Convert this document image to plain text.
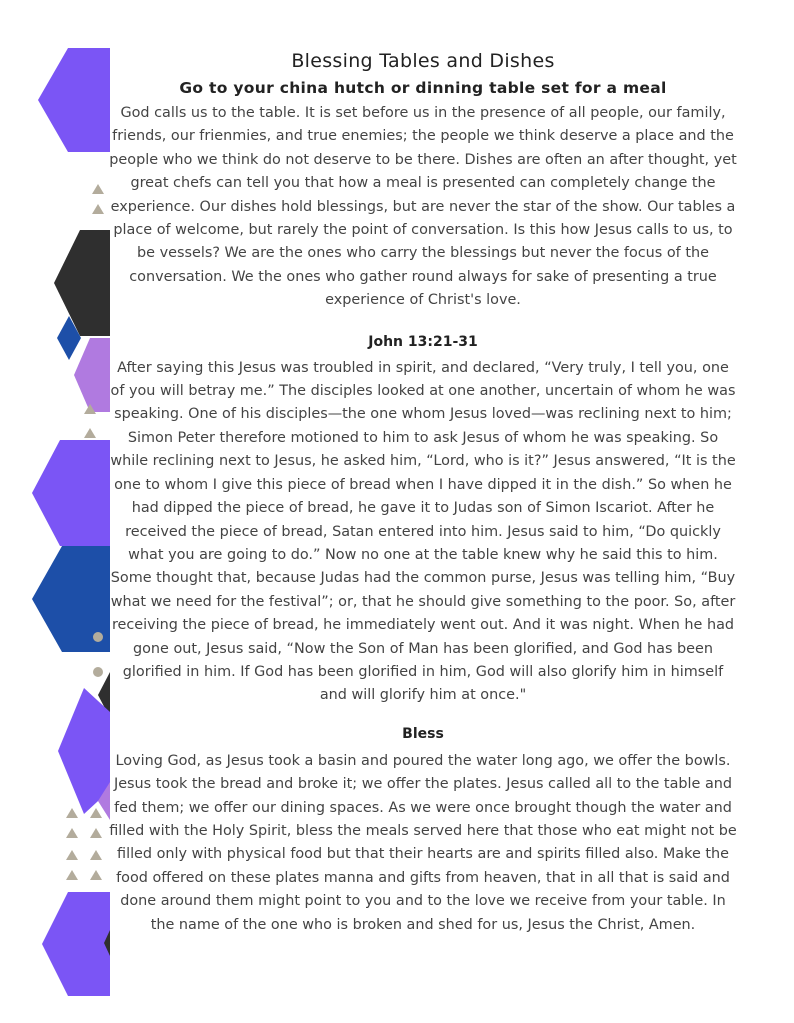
Blessing Tables and Dishes
Go to your china hutch or dinning table set for a meal

God calls us to the table. It is set before us in the presence of all people, our family, friends, our frienmies, and true enemies; the people we think deserve a place and the people who we think do not deserve to be there. Dishes are often an after thought, yet great chefs can tell you that how a meal is presented can completely change the experience. Our dishes hold blessings, but are never the star of the show. Our tables a place of welcome, but rarely the point of conversation. Is this how Jesus calls to us, to be vessels? We are the ones who carry the blessings but never the focus of the conversation. We the ones who gather round always for sake of presenting a true experience of Christ's love.

John 13:21-31

After saying this Jesus was troubled in spirit, and declared, “Very truly, I tell you, one of you will betray me.” The disciples looked at one another, uncertain of whom he was speaking. One of his disciples—the one whom Jesus loved—was reclining next to him; Simon Peter therefore motioned to him to ask Jesus of whom he was speaking. So while reclining next to Jesus, he asked him, “Lord, who is it?” Jesus answered, “It is the one to whom I give this piece of bread when I have dipped it in the dish.” So when he had dipped the piece of bread, he gave it to Judas son of Simon Iscariot. After he received the piece of bread, Satan entered into him. Jesus said to him, “Do quickly what you are going to do.” Now no one at the table knew why he said this to him. Some thought that, because Judas had the common purse, Jesus was telling him, “Buy what we need for the festival”; or, that he should give something to the poor. So, after receiving the piece of bread, he immediately went out. And it was night. When he had gone out, Jesus said, “Now the Son of Man has been glorified, and God has been glorified in him. If God has been glorified in him, God will also glorify him in himself and will glorify him at once."

Bless

Loving God, as Jesus took a basin and poured the water long ago, we offer the bowls. Jesus took the bread and broke it; we offer the plates. Jesus called all to the table and fed them; we offer our dining spaces. As we were once brought though the water and filled with the Holy Spirit, bless the meals served here that those who eat might not be filled only with physical food but that their hearts are and spirits filled also. Make the food offered on these plates manna and gifts from heaven, that in all that is said and done around them might point to you and to the love we receive from your table. In the name of the one who is broken and shed for us, Jesus the Christ, Amen.
